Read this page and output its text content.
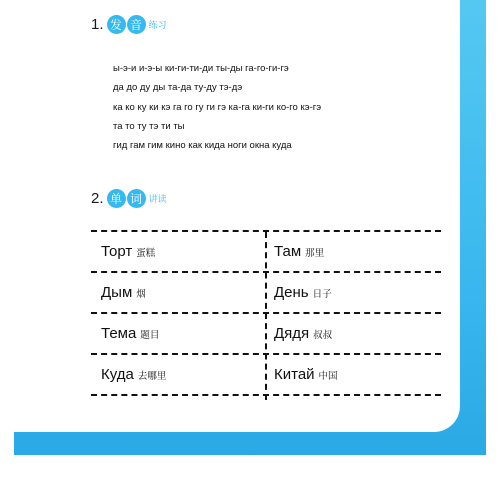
1. 发 音 练习
ы-э-и и-э-ы ки-ги-ти-ди ты-ды га-го-ги-гэ
да до ду ды та-да ту-ду тэ-дэ
ка ко ку ки кэ га го гу ги гэ ка-га ки-ги ко-го кэ-гэ
та то ту тэ ти ты
гид гам гим кино как кида ноги окна куда
2. 单 词 讲读
Торт 蛋糕	Там 那里
Дым 烟	День 日子
Тема 题目	Дядя 叔叔
Куда 去哪里	Китай 中国
